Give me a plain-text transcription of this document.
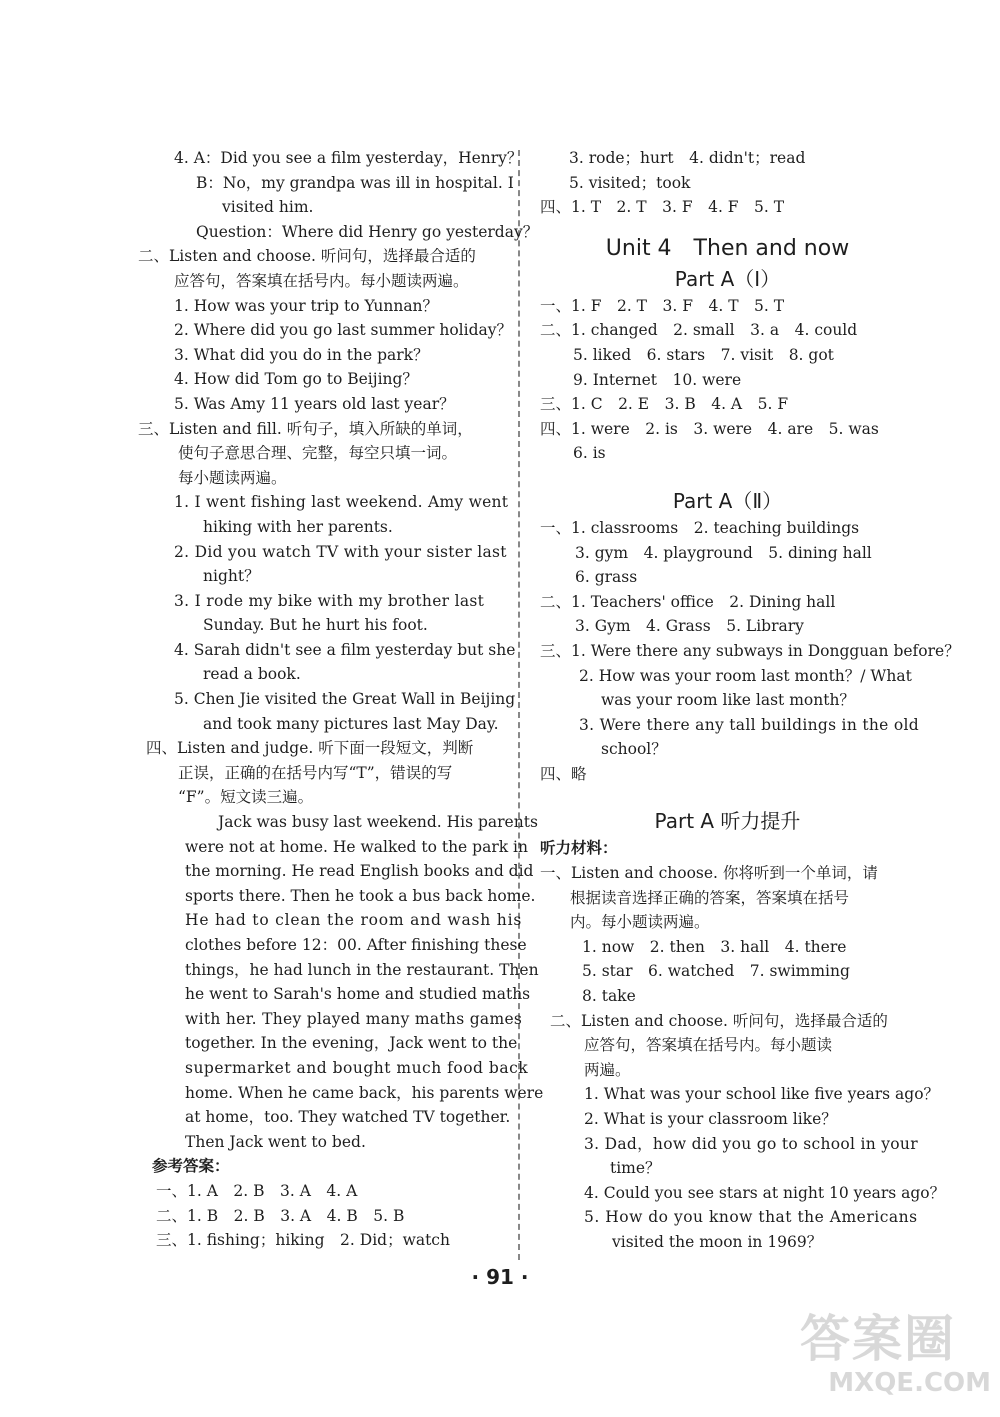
4. A：Did you see a film yesterday，Henry？
B：No，my grandpa was ill in hospital. I
visited him.
Question：Where did Henry go yesterday？
二、Listen and choose. 听问句，选择最合适的
应答句，答案填在括号内。每小题读两遍。
1. How was your trip to Yunnan？
2. Where did you go last summer holiday？
3. What did you do in the park？
4. How did Tom go to Beijing？
5. Was Amy 11 years old last year？
三、Listen and fill. 听句子，填入所缺的单词，
使句子意思合理、完整，每空只填一词。
每小题读两遍。
1. I went fishing last weekend. Amy went
hiking with her parents.
2. Did you watch TV with your sister last
night？
3. I rode my bike with my brother last
Sunday. But he hurt his foot.
4. Sarah didn't see a film yesterday but she
read a book.
5. Chen Jie visited the Great Wall in Beijing
and took many pictures last May Day.
四、Listen and judge. 听下面一段短文，判断
正误，正确的在括号内写“T”，错误的写
“F”。短文读三遍。
Jack was busy last weekend. His parents
were not at home. He walked to the park in
the morning. He read English books and did
sports there. Then he took a bus back home.
He had to clean the room and wash his
clothes before 12：00. After finishing these
things，he had lunch in the restaurant. Then
he went to Sarah's home and studied maths
with her. They played many maths games
together. In the evening，Jack went to the
supermarket and bought much food back
home. When he came back，his parents were
at home，too. They watched TV together.
Then Jack went to bed.
参考答案：
一、1. A　2. B　3. A　4. A
二、1. B　2. B　3. A　4. B　5. B
三、1. fishing；hiking　2. Did；watch
3. rode；hurt　4. didn't；read
5. visited；took
四、1. T　2. T　3. F　4. F　5. T
Unit 4　Then and now
Part A（Ⅰ）
一、1. F　2. T　3. F　4. T　5. T
二、1. changed　2. small　3. a　4. could
5. liked　6. stars　7. visit　8. got
9. Internet　10. were
三、1. C　2. E　3. B　4. A　5. F
四、1. were　2. is　3. were　4. are　5. was
6. is
Part A（Ⅱ）
一、1. classrooms　2. teaching buildings
3. gym　4. playground　5. dining hall
6. grass
二、1. Teachers' office　2. Dining hall
3. Gym　4. Grass　5. Library
三、1. Were there any subways in Dongguan before？
2. How was your room last month？/ What
was your room like last month？
3. Were there any tall buildings in the old
school？
四、略
Part A 听力提升
听力材料：
一、Listen and choose. 你将听到一个单词，请
根据读音选择正确的答案，答案填在括号
内。每小题读两遍。
1. now　2. then　3. hall　4. there
5. star　6. watched　7. swimming
8. take
二、Listen and choose. 听问句，选择最合适的
应答句，答案填在括号内。每小题读
两遍。
1. What was your school like five years ago？
2. What is your classroom like？
3. Dad，how did you go to school in your
time？
4. Could you see stars at night 10 years ago？
5. How do you know that the Americans
visited the moon in 1969？
· 91 ·
答案圈
MXQE.COM
